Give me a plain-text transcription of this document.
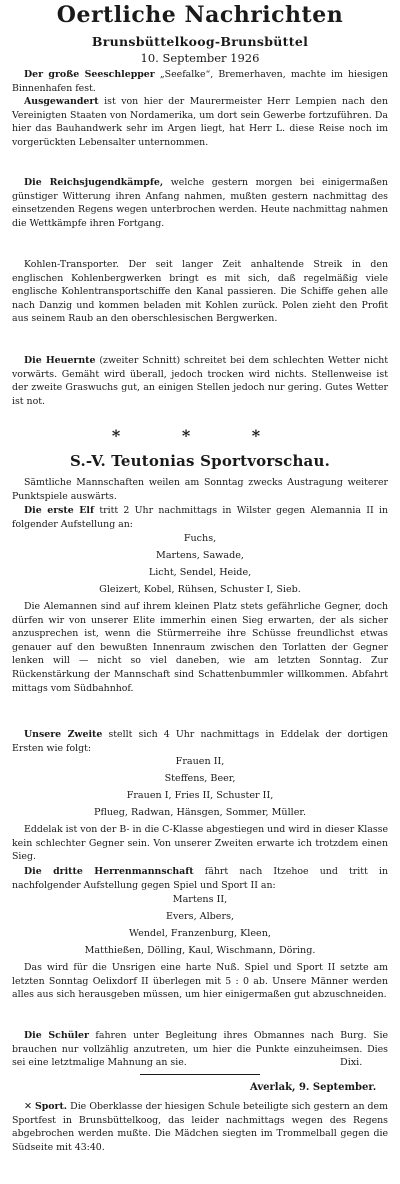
Oertliche Nachrichten
Brunsbüttelkoog-Brunsbüttel
10. September 1926

Der große Seeschlepper „Seefalke“, Bremerhaven, machte im hiesigen Binnenhafen fest.

Ausgewandert ist von hier der Maurermeister Herr Lempien nach den Vereinigten Staaten von Nordamerika, um dort sein Gewerbe fortzuführen. Da hier das Bauhandwerk sehr im Argen liegt, hat Herr L. diese Reise noch im vorgerückten Lebensalter unternommen.

Die Reichsjugendkämpfe, welche gestern morgen bei einigermaßen günstiger Witterung ihren Anfang nahmen, mußten gestern nachmittag des einsetzenden Regens wegen unterbrochen werden. Heute nachmittag nahmen die Wettkämpfe ihren Fortgang.

Kohlen-Transporter. Der seit langer Zeit anhaltende Streik in den englischen Kohlenbergwerken bringt es mit sich, daß regelmäßig viele englische Kohlentransportschiffe den Kanal passieren. Die Schiffe gehen alle nach Danzig und kommen beladen mit Kohlen zurück. Polen zieht den Profit aus seinem Raub an den oberschlesischen Bergwerken.

Die Heuernte (zweiter Schnitt) schreitet bei dem schlechten Wetter nicht vorwärts. Gemäht wird überall, jedoch trocken wird nichts. Stellenweise ist der zweite Graswuchs gut, an einigen Stellen jedoch nur gering. Gutes Wetter ist not.

* * *
S.-V. Teutonias Sportvorschau.

Sämtliche Mannschaften weilen am Sonntag zwecks Austragung weiterer Punktspiele auswärts.

Die erste Elf tritt 2 Uhr nachmittags in Wilster gegen Alemannia II in folgender Aufstellung an:

Fuchs,

Martens, Sawade,

Licht, Sendel, Heide,

Gleizert, Kobel, Rühsen, Schuster I, Sieb.

Die Alemannen sind auf ihrem kleinen Platz stets gefährliche Gegner, doch dürfen wir von unserer Elite immerhin einen Sieg erwarten, der als sicher anzusprechen ist, wenn die Stürmerreihe ihre Schüsse freundlichst etwas genauer auf den bewußten Innenraum zwischen den Torlatten der Gegner lenken will — nicht so viel daneben, wie am letzten Sonntag. Zur Rückenstärkung der Mannschaft sind Schattenbummler willkommen. Abfahrt mittags vom Südbahnhof.

Unsere Zweite stellt sich 4 Uhr nachmittags in Eddelak der dortigen Ersten wie folgt:

Frauen II,

Steffens, Beer,

Frauen I, Fries II, Schuster II,

Pflueg, Radwan, Hänsgen, Sommer, Müller.

Eddelak ist von der B- in die C-Klasse abgestiegen und wird in dieser Klasse kein schlechter Gegner sein. Von unserer Zweiten erwarte ich trotzdem einen Sieg.

Die dritte Herrenmannschaft fährt nach Itzehoe und tritt in nachfolgender Aufstellung gegen Spiel und Sport II an:

Martens II,

Evers, Albers,

Wendel, Franzenburg, Kleen,

Matthießen, Dölling, Kaul, Wischmann, Döring.

Das wird für die Unsrigen eine harte Nuß. Spiel und Sport II setzte am letzten Sonntag Oelixdorf II überlegen mit 5 : 0 ab. Unsere Männer werden alles aus sich herausgeben müssen, um hier einigermaßen gut abzuschneiden.

Die Schüler fahren unter Begleitung ihres Obmannes nach Burg. Sie brauchen nur vollzählig anzutreten, um hier die Punkte einzuheimsen. Dies sei eine letztmalige Mahnung an sie.	Dixi.
Averlak, 9. September.

✕ Sport. Die Oberklasse der hiesigen Schule beteiligte sich gestern an dem Sportfest in Brunsbüttelkoog, das leider nachmittags wegen des Regens abgebrochen werden mußte. Die Mädchen siegten im Trommelball gegen die Südseite mit 43:40.
